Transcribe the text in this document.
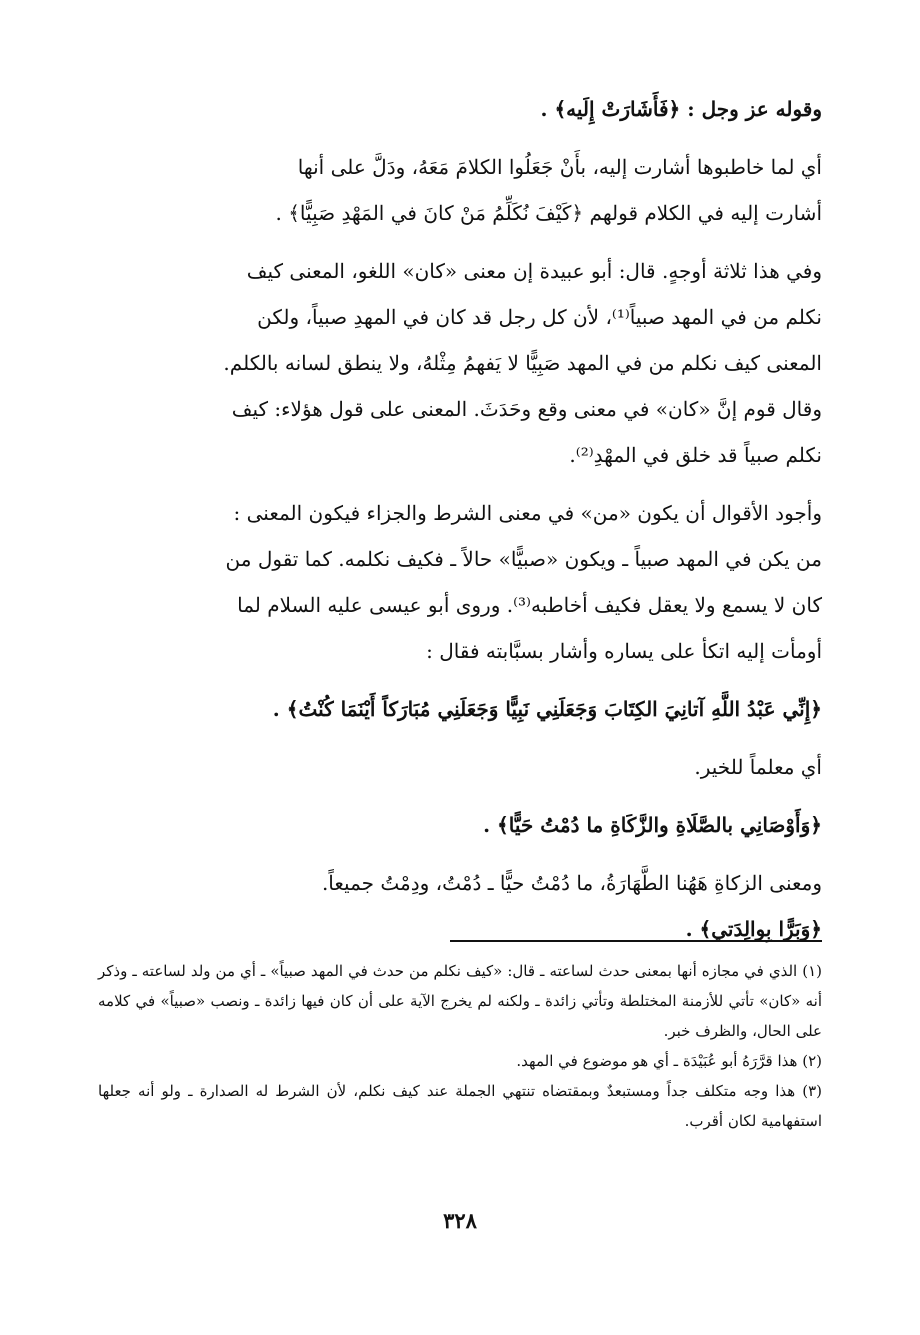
وقوله عز وجل : ﴿فَأَشَارَتْ إِلَيه﴾ .

أي لما خاطبوها أشارت إليه، بأَنْ جَعَلُوا الكلامَ مَعَهُ، ودَلَّ على أنها
أشارت إليه في الكلام قولهم ﴿كَيْفَ نُكَلِّمُ مَنْ كانَ في المَهْدِ صَبِيًّا﴾ .

وفي هذا ثلاثة أوجهٍ. قال: أبو عبيدة إن معنى «كان» اللغو، المعنى كيف
نكلم من في المهد صبياً⁽¹⁾، لأن كل رجل قد كان في المهدِ صبياً، ولكن
المعنى كيف نكلم من في المهد صَبِيًّا لا يَفهمُ مِثْلهُ، ولا ينطق لسانه بالكلم.
وقال قوم إنَّ «كان» في معنى وقع وحَدَثَ. المعنى على قول هؤلاء: كيف
نكلم صبياً قد خلق في المهْدِ⁽²⁾.

وأجود الأقوال أن يكون «من» في معنى الشرط والجزاء فيكون المعنى :
من يكن في المهد صبياً ـ ويكون «صبيًّا» حالاً ـ فكيف نكلمه. كما تقول من
كان لا يسمع ولا يعقل فكيف أخاطبه⁽³⁾. وروى أبو عيسى عليه السلام لما
أومأت إليه اتكأ على يساره وأشار بسبَّابته فقال :

﴿إِنِّي عَبْدُ اللَّهِ آتانِيَ الكِتَابَ وَجَعَلَنِي نَبِيًّا وَجَعَلَنِي مُبَارَكاً أَيْنَمَا كُنْتُ﴾ .

أي معلماً للخير.

﴿وَأَوْصَانِي بالصَّلَاةِ والزَّكَاةِ ما دُمْتُ حَيًّا﴾ .

ومعنى الزكاةِ هَهُنا الطَّهَارَةُ، ما دُمْتُ حيًّا ـ دُمْتُ، ودِمْتُ جميعاً.
﴿وَبَرًّا بِوالِدَتي﴾ .

(١) الذي في مجازه أنها بمعنى حدث لساعته ـ قال: «كيف نكلم من حدث في المهد صبياً» ـ أي من ولد لساعته ـ وذكر أنه «كان» تأتي للأزمنة المختلطة وتأتي زائدة ـ ولكنه لم يخرج الآية على أن كان فيها زائدة ـ ونصب «صبياً» في كلامه على الحال، والظرف خبر.
(٢) هذا قرَّرَهُ أبو عُبَيْدَة ـ أي هو موضوع في المهد.
(٣) هذا وجه متكلف جداً ومستبعدٌ وبمقتضاه تنتهي الجملة عند كيف نكلم، لأن الشرط له الصدارة ـ ولو أنه جعلها استفهامية لكان أقرب.
٣٢٨
